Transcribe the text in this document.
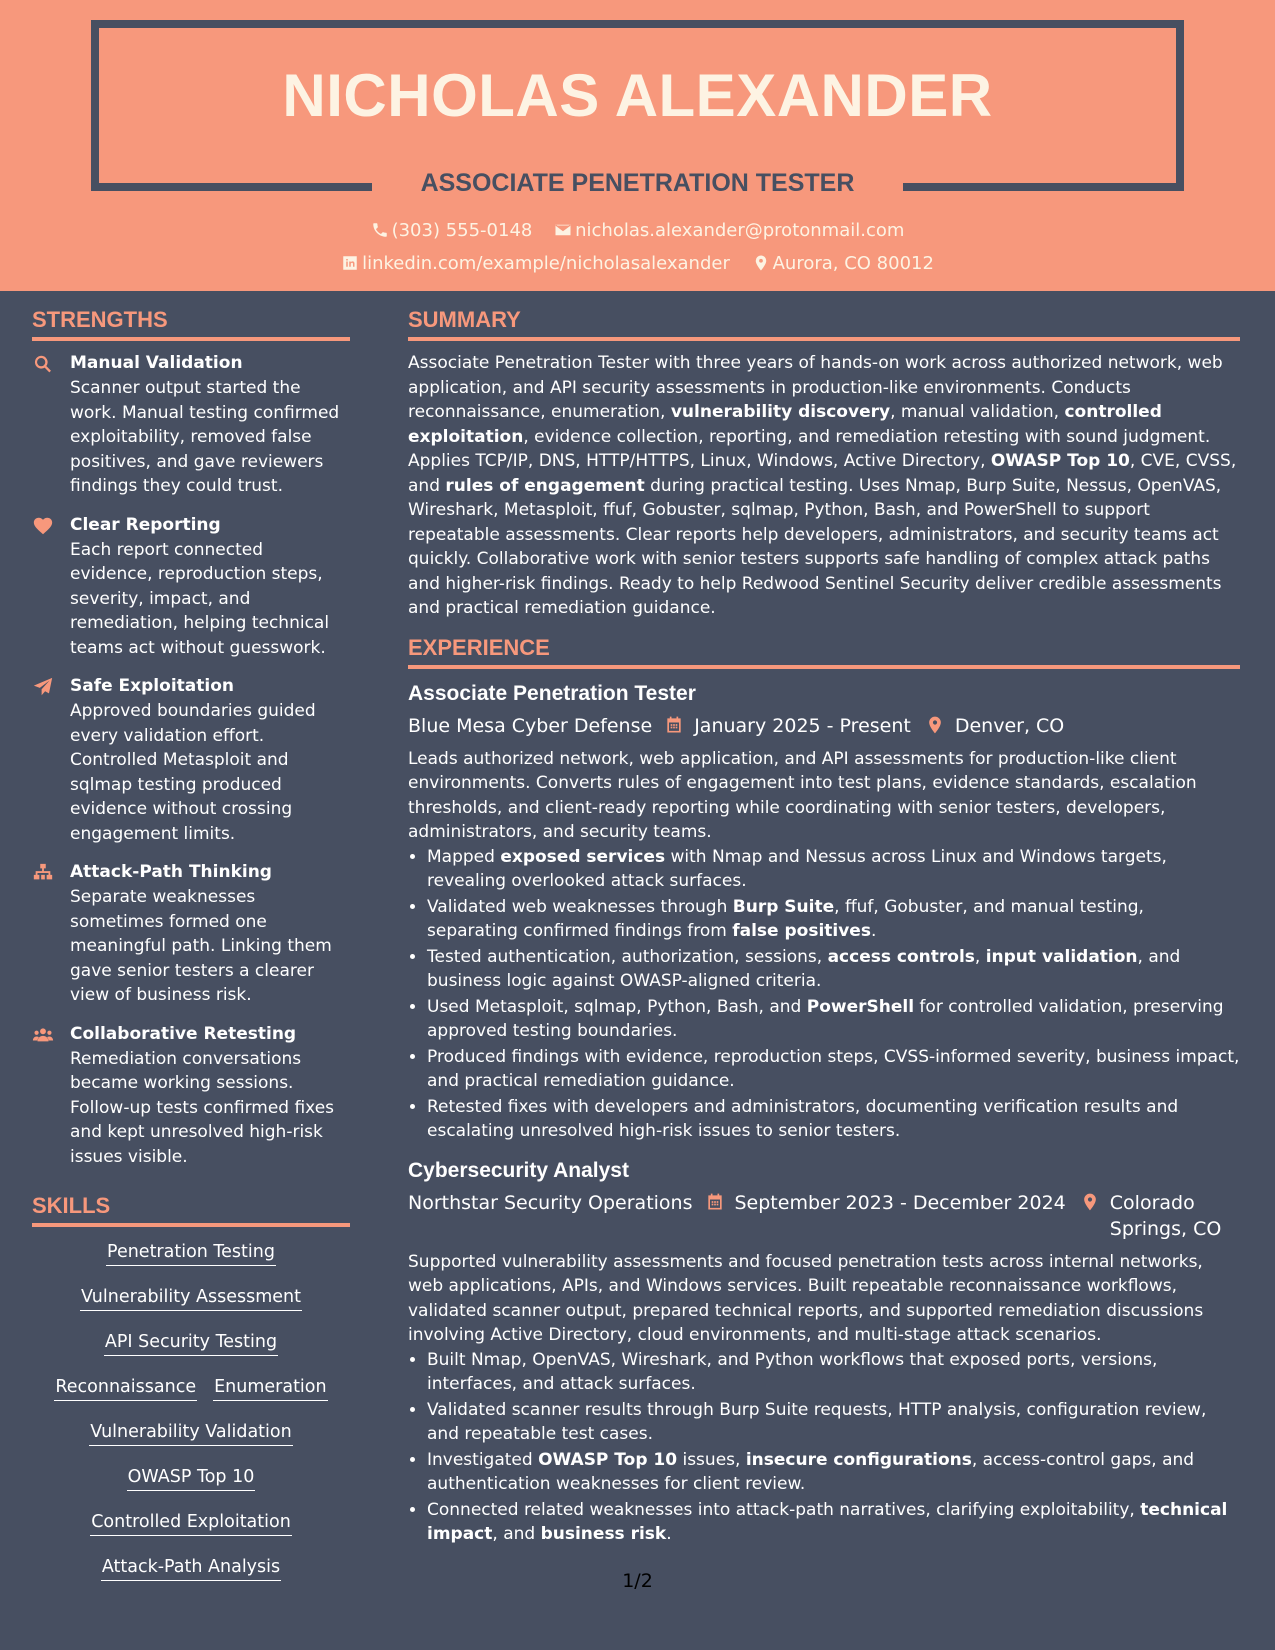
NICHOLAS ALEXANDER
ASSOCIATE PENETRATION TESTER
(303) 555-0148 nicholas.alexander@protonmail.com
linkedin.com/example/nicholasalexander Aurora, CO 80012
STRENGTHS
Manual Validation
Scanner output started the work. Manual testing confirmed exploitability, removed false positives, and gave reviewers findings they could trust.
Clear Reporting
Each report connected evidence, reproduction steps, severity, impact, and remediation, helping technical teams act without guesswork.
Safe Exploitation
Approved boundaries guided every validation effort. Controlled Metasploit and sqlmap testing produced evidence without crossing engagement limits.
Attack-Path Thinking
Separate weaknesses sometimes formed one meaningful path. Linking them gave senior testers a clearer view of business risk.
Collaborative Retesting
Remediation conversations became working sessions. Follow-up tests confirmed fixes and kept unresolved high-risk issues visible.
SKILLS
Penetration Testing
Vulnerability Assessment
API Security Testing
Reconnaissance Enumeration
Vulnerability Validation
OWASP Top 10
Controlled Exploitation
Attack-Path Analysis
SUMMARY
Associate Penetration Tester with three years of hands-on work across authorized network, web application, and API security assessments in production-like environments. Conducts reconnaissance, enumeration, vulnerability discovery, manual validation, controlled exploitation, evidence collection, reporting, and remediation retesting with sound judgment. Applies TCP/IP, DNS, HTTP/HTTPS, Linux, Windows, Active Directory, OWASP Top 10, CVE, CVSS, and rules of engagement during practical testing. Uses Nmap, Burp Suite, Nessus, OpenVAS, Wireshark, Metasploit, ffuf, Gobuster, sqlmap, Python, Bash, and PowerShell to support repeatable assessments. Clear reports help developers, administrators, and security teams act quickly. Collaborative work with senior testers supports safe handling of complex attack paths and higher-risk findings. Ready to help Redwood Sentinel Security deliver credible assessments and practical remediation guidance.
EXPERIENCE
Associate Penetration Tester
Blue Mesa Cyber Defense January 2025 - Present Denver, CO
Leads authorized network, web application, and API assessments for production-like client environments. Converts rules of engagement into test plans, evidence standards, escalation thresholds, and client-ready reporting while coordinating with senior testers, developers, administrators, and security teams.
• Mapped exposed services with Nmap and Nessus across Linux and Windows targets, revealing overlooked attack surfaces.
• Validated web weaknesses through Burp Suite, ffuf, Gobuster, and manual testing, separating confirmed findings from false positives.
• Tested authentication, authorization, sessions, access controls, input validation, and business logic against OWASP-aligned criteria.
• Used Metasploit, sqlmap, Python, Bash, and PowerShell for controlled validation, preserving approved testing boundaries.
• Produced findings with evidence, reproduction steps, CVSS-informed severity, business impact, and practical remediation guidance.
• Retested fixes with developers and administrators, documenting verification results and escalating unresolved high-risk issues to senior testers.
Cybersecurity Analyst
Northstar Security Operations September 2023 - December 2024 Colorado Springs, CO
Supported vulnerability assessments and focused penetration tests across internal networks, web applications, APIs, and Windows services. Built repeatable reconnaissance workflows, validated scanner output, prepared technical reports, and supported remediation discussions involving Active Directory, cloud environments, and multi-stage attack scenarios.
• Built Nmap, OpenVAS, Wireshark, and Python workflows that exposed ports, versions, interfaces, and attack surfaces.
• Validated scanner results through Burp Suite requests, HTTP analysis, configuration review, and repeatable test cases.
• Investigated OWASP Top 10 issues, insecure configurations, access-control gaps, and authentication weaknesses for client review.
• Connected related weaknesses into attack-path narratives, clarifying exploitability, technical impact, and business risk.
1/2
